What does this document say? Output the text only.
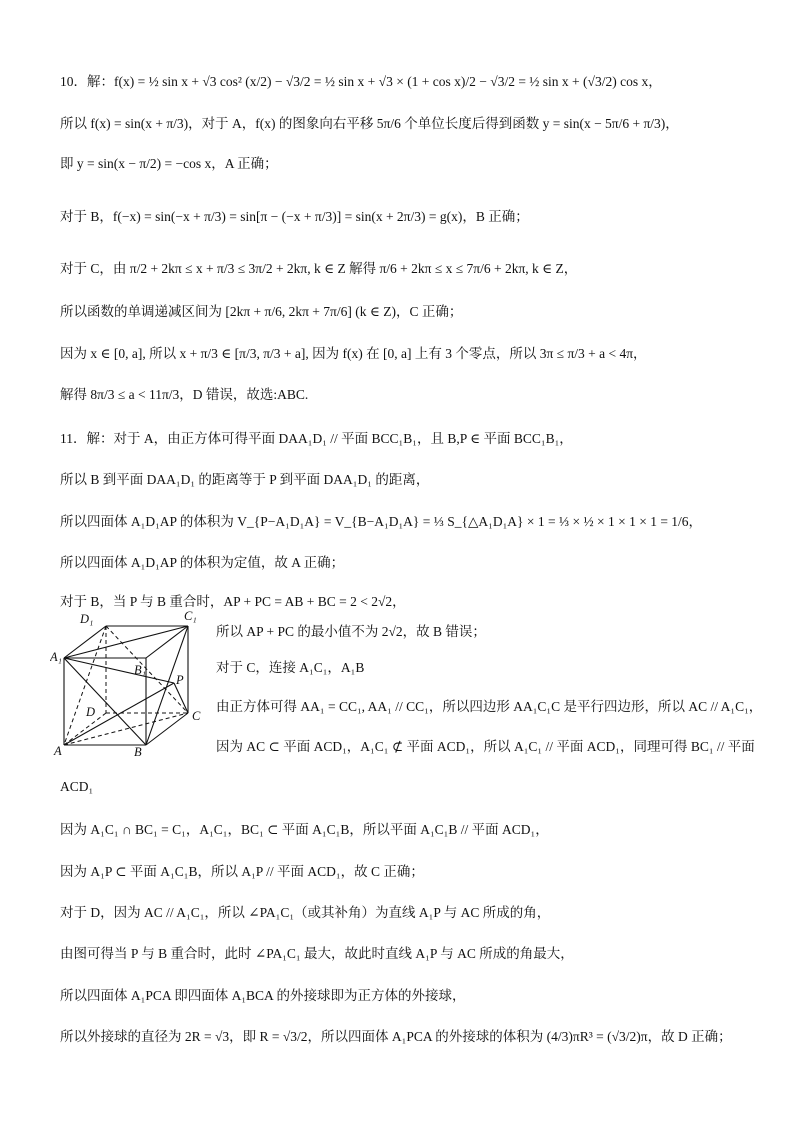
10．解：f(x) = ½ sin x + √3 cos² (x/2) − √3/2 = ½ sin x + √3 × (1 + cos x)/2 − √3/2 = ½ sin x + (√3/2) cos x，
所以 f(x) = sin(x + π/3)，对于 A，f(x) 的图象向右平移 5π/6 个单位长度后得到函数 y = sin(x − 5π/6 + π/3)，
即 y = sin(x − π/2) = −cos x，A 正确；
对于 B，f(−x) = sin(−x + π/3) = sin[π − (−x + π/3)] = sin(x + 2π/3) = g(x)，B 正确；
对于 C，由 π/2 + 2kπ ≤ x + π/3 ≤ 3π/2 + 2kπ, k ∈ Z 解得 π/6 + 2kπ ≤ x ≤ 7π/6 + 2kπ, k ∈ Z，
所以函数的单调递减区间为 [2kπ + π/6, 2kπ + 7π/6] (k ∈ Z)，C 正确；
因为 x ∈ [0, a], 所以 x + π/3 ∈ [π/3, π/3 + a], 因为 f(x) 在 [0, a] 上有 3 个零点，所以 3π ≤ π/3 + a < 4π，
解得 8π/3 ≤ a < 11π/3，D 错误，故选:ABC.
11．解：对于 A，由正方体可得平面 DAA₁D₁ // 平面 BCC₁B₁，且 B,P ∈ 平面 BCC₁B₁，
所以 B 到平面 DAA₁D₁ 的距离等于 P 到平面 DAA₁D₁ 的距离，
所以四面体 A₁D₁AP 的体积为 V_{P−A₁D₁A} = V_{B−A₁D₁A} = ⅓ S_{△A₁D₁A} × 1 = ⅓ × ½ × 1 × 1 × 1 = 1/6，
所以四面体 A₁D₁AP 的体积为定值，故 A 正确；
对于 B，当 P 与 B 重合时，AP + PC = AB + BC = 2 < 2√2，
所以 AP + PC 的最小值不为 2√2，故 B 错误；
对于 C，连接 A₁C₁，A₁B
由正方体可得 AA₁ = CC₁, AA₁ // CC₁，所以四边形 AA₁C₁C 是平行四边形，所以 AC // A₁C₁，
因为 AC ⊂ 平面 ACD₁，A₁C₁ ⊄ 平面 ACD₁，所以 A₁C₁ // 平面 ACD₁，同理可得 BC₁ // 平面
ACD₁
因为 A₁C₁ ∩ BC₁ = C₁，A₁C₁，BC₁ ⊂ 平面 A₁C₁B，所以平面 A₁C₁B // 平面 ACD₁，
因为 A₁P ⊂ 平面 A₁C₁B，所以 A₁P // 平面 ACD₁，故 C 正确；
对于 D，因为 AC // A₁C₁，所以 ∠PA₁C₁（或其补角）为直线 A₁P 与 AC 所成的角，
由图可得当 P 与 B 重合时，此时 ∠PA₁C₁ 最大，故此时直线 A₁P 与 AC 所成的角最大，
所以四面体 A₁PCA 即四面体 A₁BCA 的外接球即为正方体的外接球，
所以外接球的直径为 2R = √3，即 R = √3/2，所以四面体 A₁PCA 的外接球的体积为 (4/3)πR³ = (√3/2)π，故 D 正确；
D₁	C₁
A₁
B₁
P
D	C
A	B
